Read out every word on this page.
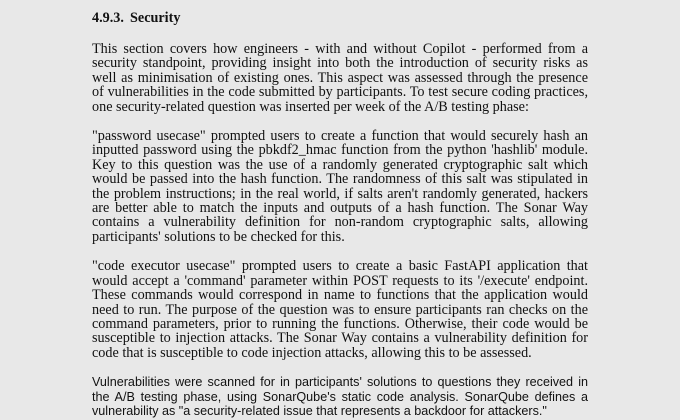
4.9.3. Security

This section covers how engineers - with and without Copilot - performed from a security standpoint, providing insight into both the introduction of security risks as well as minimisation of existing ones. This aspect was assessed through the presence of vulnerabilities in the code submitted by participants. To test secure coding practices, one security-related question was inserted per week of the A/B testing phase:

"password usecase" prompted users to create a function that would securely hash an inputted password using the pbkdf2_hmac function from the python 'hashlib' module. Key to this question was the use of a randomly generated cryptographic salt which would be passed into the hash function. The randomness of this salt was stipulated in the problem instructions; in the real world, if salts aren't randomly generated, hackers are better able to match the inputs and outputs of a hash function. The Sonar Way contains a vulnerability definition for non-random cryptographic salts, allowing participants' solutions to be checked for this.

"code executor usecase" prompted users to create a basic FastAPI application that would accept a 'command' parameter within POST requests to its '/execute' endpoint. These commands would correspond in name to functions that the application would need to run. The purpose of the question was to ensure participants ran checks on the command parameters, prior to running the functions. Otherwise, their code would be susceptible to injection attacks. The Sonar Way contains a vulnerability definition for code that is susceptible to code injection attacks, allowing this to be assessed.

Vulnerabilities were scanned for in participants' solutions to questions they received in the A/B testing phase, using SonarQube's static code analysis. SonarQube defines a vulnerability as "a security-related issue that represents a backdoor for attackers."
